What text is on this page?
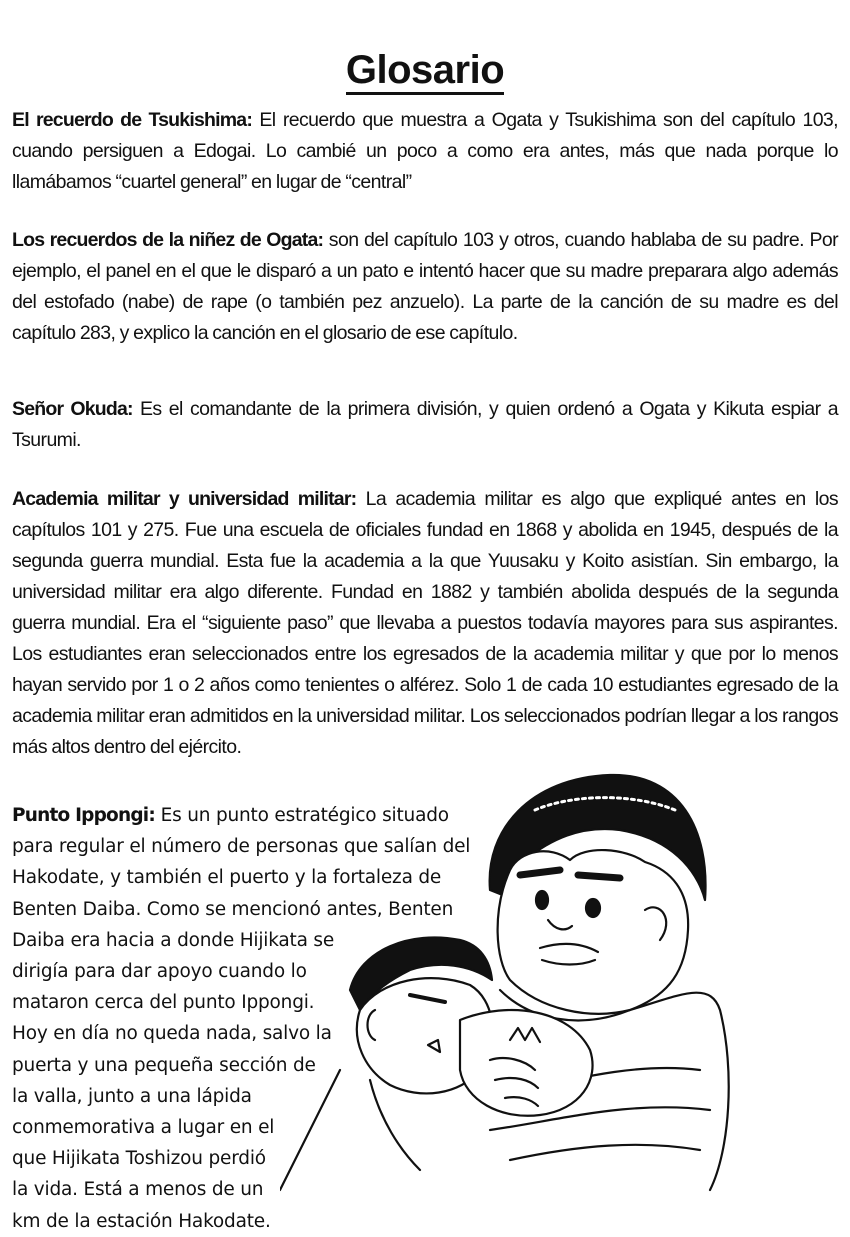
Glosario
El recuerdo de Tsukishima: El recuerdo que muestra a Ogata y Tsukishima son del capítulo 103, cuando persiguen a Edogai. Lo cambié un poco a como era antes, más que nada porque lo llamábamos “cuartel general” en lugar de “central”
Los recuerdos de la niñez de Ogata: son del capítulo 103 y otros, cuando hablaba de su padre. Por ejemplo, el panel en el que le disparó a un pato e intentó hacer que su madre preparara algo además del estofado (nabe) de rape (o también pez anzuelo). La parte de la canción de su madre es del capítulo 283, y explico la canción en el glosario de ese capítulo.
Señor Okuda: Es el comandante de la primera división, y quien ordenó a Ogata y Kikuta espiar a Tsurumi.
Academia militar y universidad militar: La academia militar es algo que expliqué antes en los capítulos 101 y 275. Fue una escuela de oficiales fundad en 1868 y abolida en 1945, después de la segunda guerra mundial. Esta fue la academia a la que Yuusaku y Koito asistían. Sin embargo, la universidad militar era algo diferente. Fundad en 1882 y también abolida después de la segunda guerra mundial. Era el “siguiente paso” que llevaba a puestos todavía mayores para sus aspirantes. Los estudiantes eran seleccionados entre los egresados de la academia militar y que por lo menos hayan servido por 1 o 2 años como tenientes o alférez. Solo 1 de cada 10 estudiantes egresado de la academia militar eran admitidos en la universidad militar. Los seleccionados podrían llegar a los rangos más altos dentro del ejército.
Punto Ippongi: Es un punto estratégico situado
para regular el número de personas que salían del
Hakodate, y también el puerto y la fortaleza de
Benten Daiba. Como se mencionó antes, Benten
Daiba era hacia a donde Hijikata se
dirigía para dar apoyo cuando lo
mataron cerca del punto Ippongi.
Hoy en día no queda nada, salvo la
puerta y una pequeña sección de
la valla, junto a una lápida
conmemorativa a lugar en el
que Hijikata Toshizou perdió
la vida. Está a menos de un
km de la estación Hakodate.
